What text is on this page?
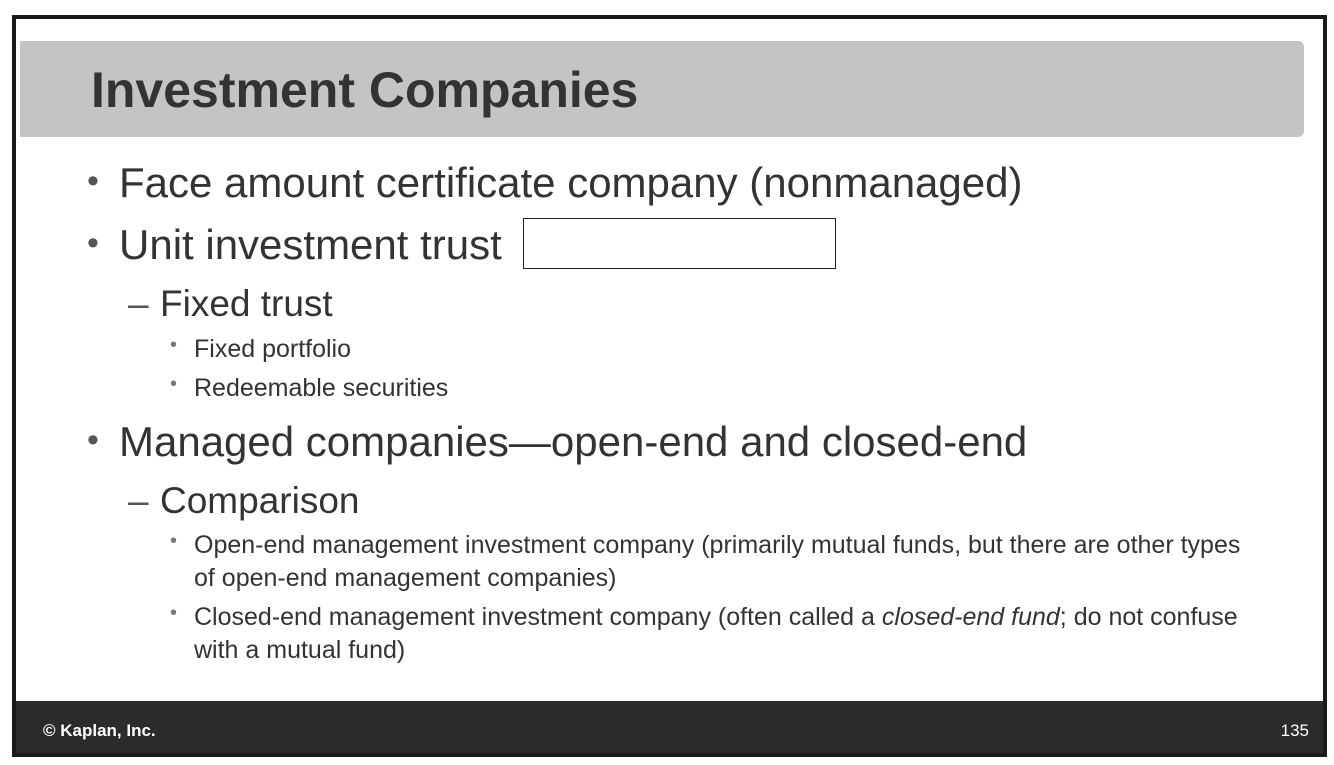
Investment Companies
• Face amount certificate company (nonmanaged)
• Unit investment trust
– Fixed trust
• Fixed portfolio
• Redeemable securities
• Managed companies—open-end and closed-end
– Comparison
• Open-end management investment company (primarily mutual funds, but there are other types of open-end management companies)
• Closed-end management investment company (often called a closed-end fund; do not confuse with a mutual fund)
© Kaplan, Inc.	135
